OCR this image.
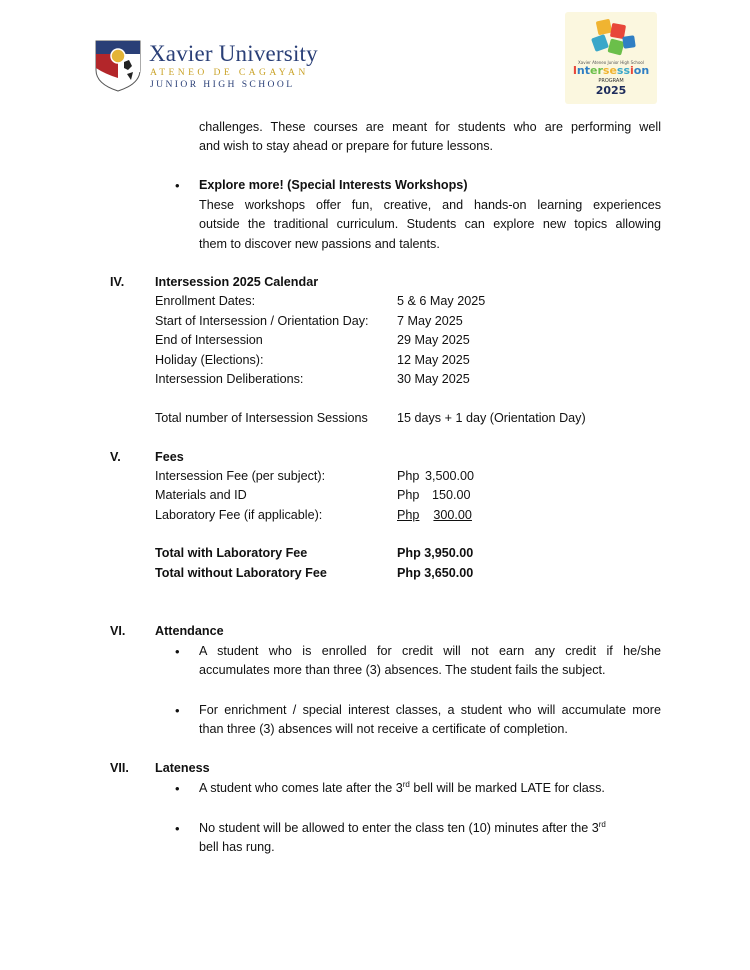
Xavier University
ATENEO DE CAGAYAN
JUNIOR HIGH SCHOOL
Xavier Ateneo Junior High School
Intersession
PROGRAM
2025
challenges. These courses are meant for students who are performing well
and wish to stay ahead or prepare for future lessons.
• Explore more! (Special Interests Workshops)
These workshops offer fun, creative, and hands-on learning experiences
outside the traditional curriculum. Students can explore new topics allowing
them to discover new passions and talents.
IV. Intersession 2025 Calendar
Enrollment Dates:	5 & 6 May 2025
Start of Intersession / Orientation Day: 7 May 2025
End of Intersession	29 May 2025
Holiday (Elections):	12 May 2025
Intersession Deliberations:	30 May 2025
Total number of Intersession Sessions 15 days + 1 day (Orientation Day)
V.	Fees
Intersession Fee (per subject):	Php 3,500.00
Materials and ID	Php 150.00
Laboratory Fee (if applicable):	Php 300.00
Total with Laboratory Fee	Php 3,950.00
Total without Laboratory Fee	Php 3,650.00
VI. Attendance
• A student who is enrolled for credit will not earn any credit if he/she
accumulates more than three (3) absences. The student fails the subject.
• For enrichment / special interest classes, a student who will accumulate more
than three (3) absences will not receive a certificate of completion.
VII. Lateness
• A student who comes late after the 3rd bell will be marked LATE for class.
• No student will be allowed to enter the class ten (10) minutes after the 3rd
bell has rung.
